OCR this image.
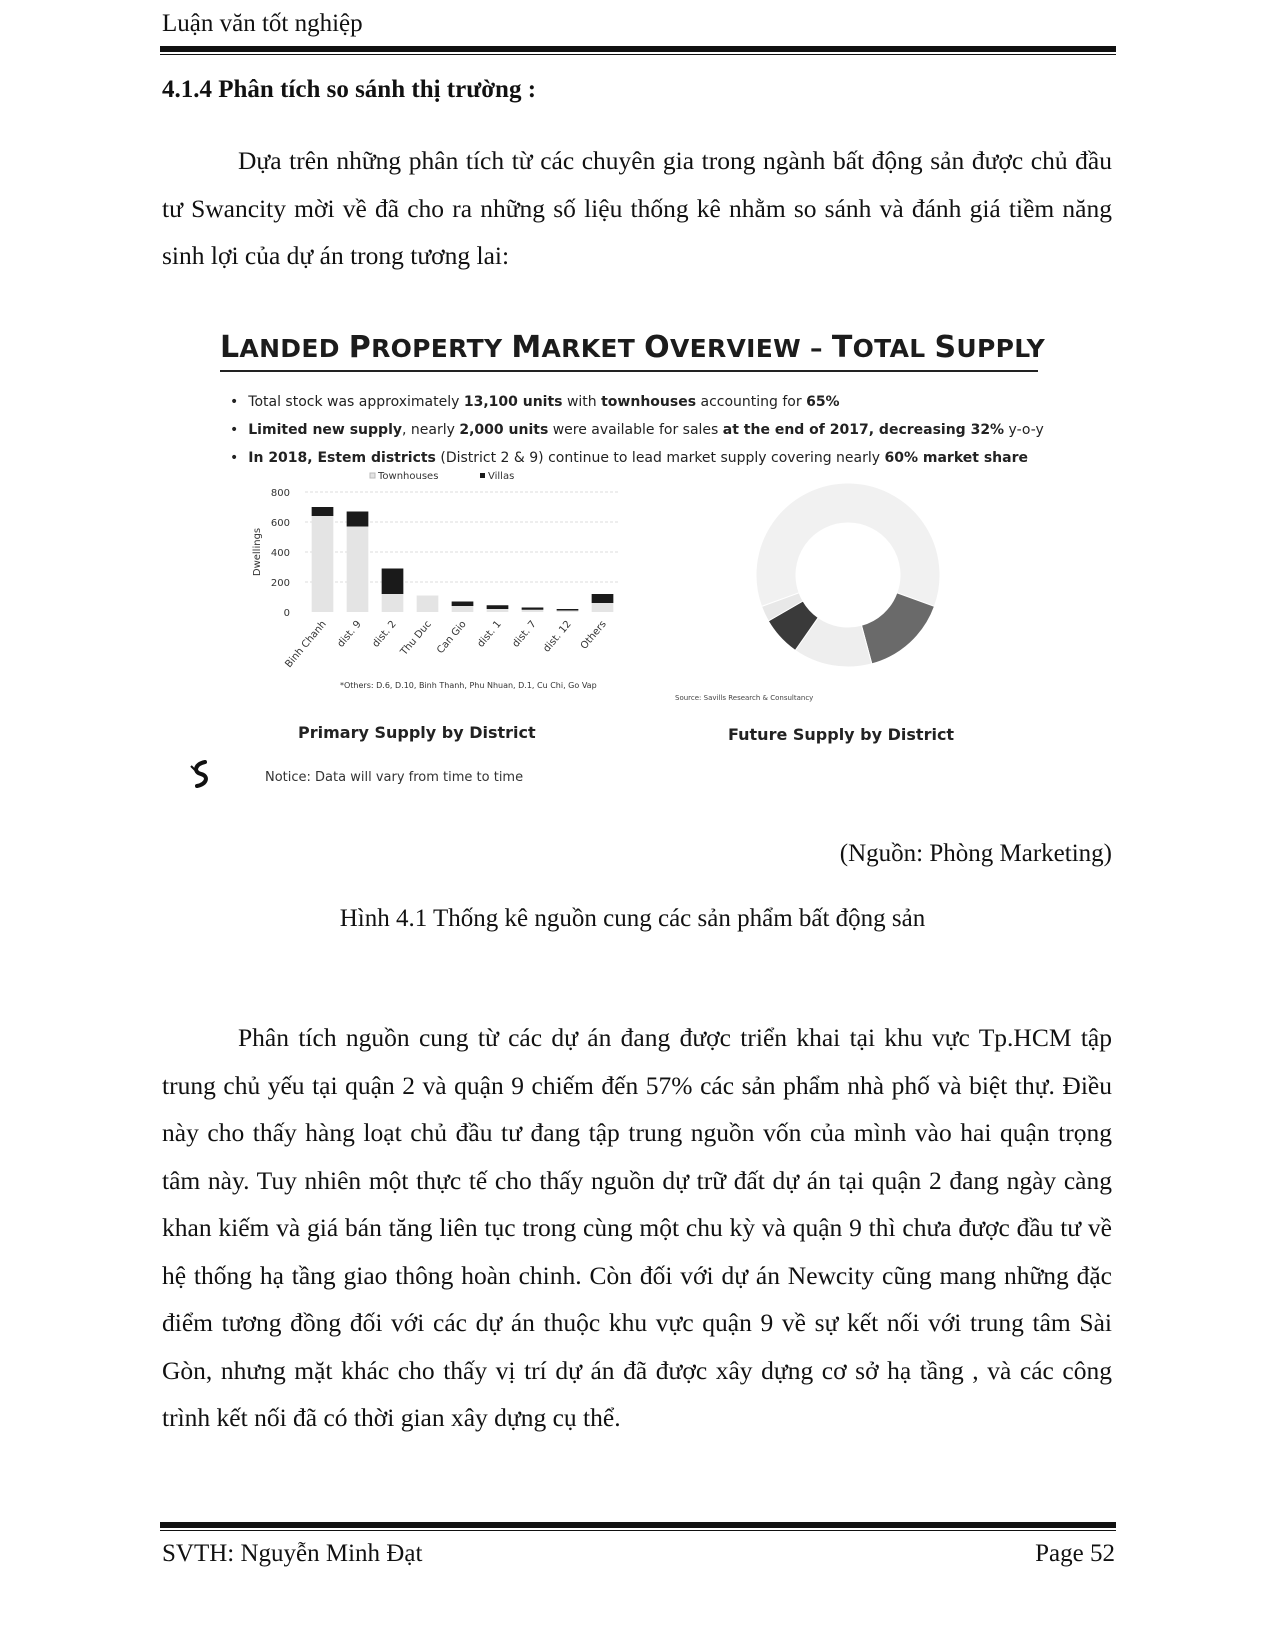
Luận văn tốt nghiệp
4.1.4 Phân tích so sánh thị trường :

Dựa trên những phân tích từ các chuyên gia trong ngành bất động sản được chủ đầu tư Swancity mời về đã cho ra những số liệu thống kê nhằm so sánh và đánh giá tiềm năng sinh lợi của dự án trong tương lai:

LANDED PROPERTY MARKET OVERVIEW – TOTAL SUPPLY
• Total stock was approximately 13,100 units with townhouses accounting for 65%
• Limited new supply, nearly 2,000 units were available for sales at the end of 2017, decreasing 32% y-o-y
• In 2018, Estem districts (District 2 & 9) continue to lead market supply covering nearly 60% market share
0
200
400
600
800
Dwellings
Townhouses	Villas
Binh Chanh dist. 9 dist. 2 Thu Duc Can Gio dist. 1 dist. 7 dist. 12 Others
*Others: D.6, D.10, Binh Thanh, Phu Nhuan, D.1, Cu Chi, Go Vap
Source: Savills Research & Consultancy
Primary Supply by District	Future Supply by District
Notice: Data will vary from time to time
(Nguồn: Phòng Marketing)
Hình 4.1 Thống kê nguồn cung các sản phẩm bất động sản

Phân tích nguồn cung từ các dự án đang được triển khai tại khu vực Tp.HCM tập trung chủ yếu tại quận 2 và quận 9 chiếm đến 57% các sản phẩm nhà phố và biệt thự. Điều này cho thấy hàng loạt chủ đầu tư đang tập trung nguồn vốn của mình vào hai quận trọng tâm này. Tuy nhiên một thực tế cho thấy nguồn dự trữ đất dự án tại quận 2 đang ngày càng khan kiếm và giá bán tăng liên tục trong cùng một chu kỳ và quận 9 thì chưa được đầu tư về hệ thống hạ tầng giao thông hoàn chinh. Còn đối với dự án Newcity cũng mang những đặc điểm tương đồng đối với các dự án thuộc khu vực quận 9 về sự kết nối với trung tâm Sài Gòn, nhưng mặt khác cho thấy vị trí dự án đã được xây dựng cơ sở hạ tầng , và các công trình kết nối đã có thời gian xây dựng cụ thể.

SVTH: Nguyễn Minh Đạt	Page 52
